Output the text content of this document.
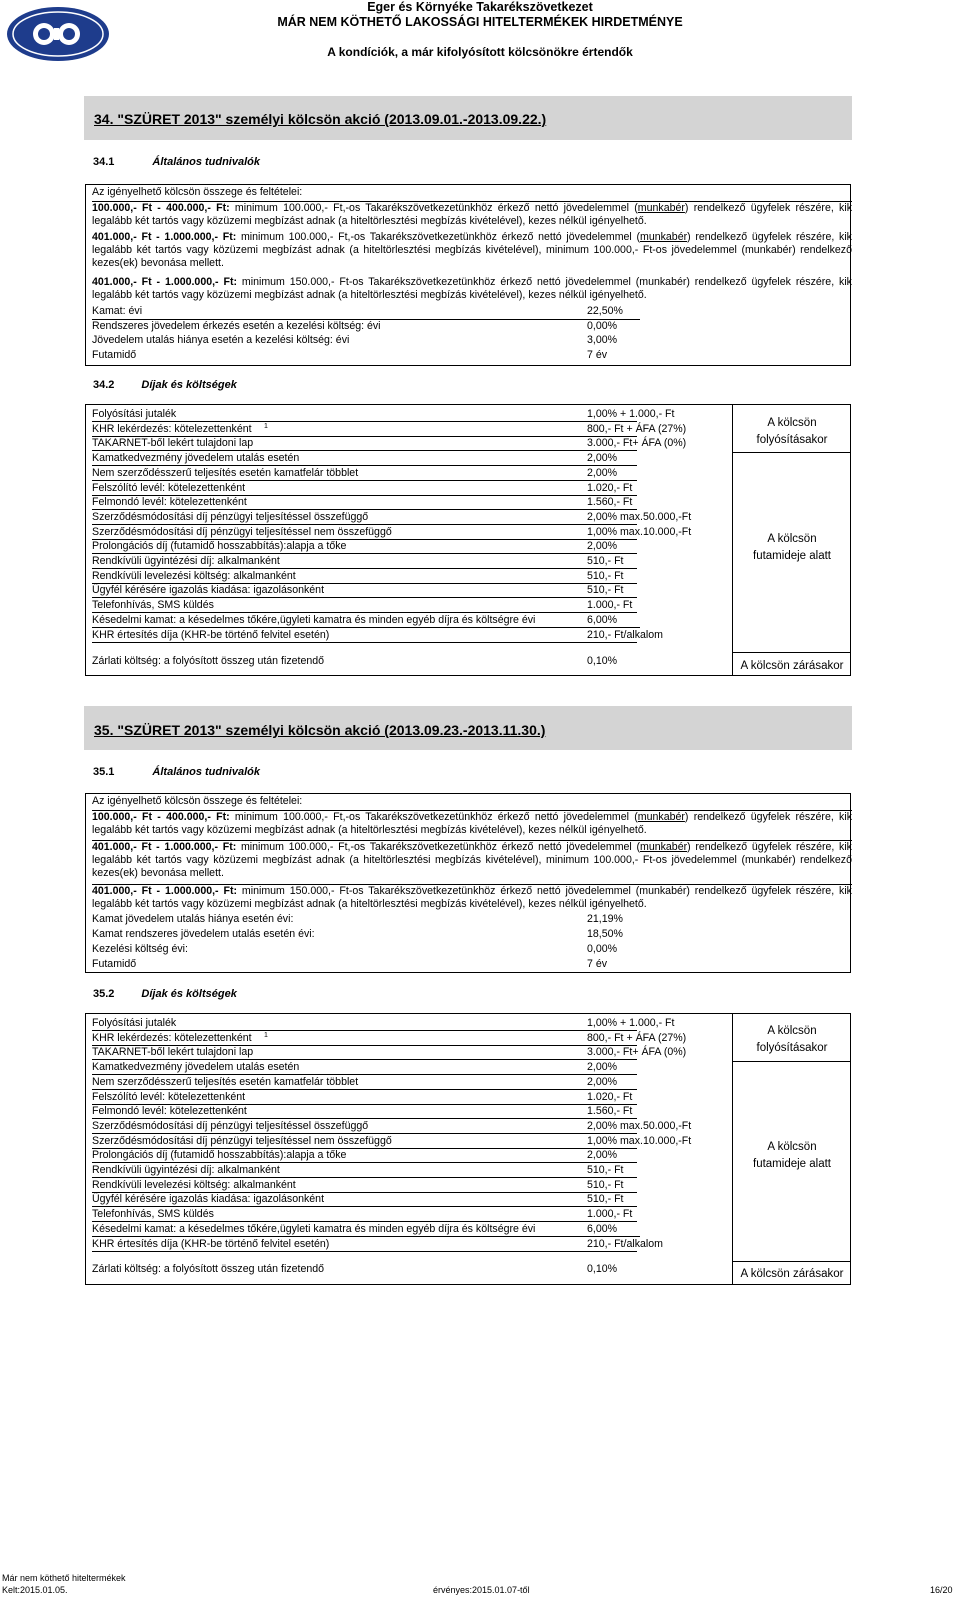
Eger és Környéke Takarékszövetkezet
MÁR NEM KÖTHETŐ LAKOSSÁGI HITELTERMÉKEK HIRDETMÉNYE
A kondíciók, a már kifolyósított kölcsönökre értendők
34. "SZÜRET 2013" személyi kölcsön akció (2013.09.01.-2013.09.22.)
34.1	Általános tudnivalók
Az igényelhető kölcsön összege és feltételei:
100.000,- Ft - 400.000,- Ft: minimum 100.000,- Ft,-os Takarékszövetkezetünkhöz érkező nettó jövedelemmel (munkabér) rendelkező ügyfelek részére, kik legalább két tartós vagy közüzemi megbízást adnak (a hiteltörlesztési megbízás kivételével), kezes nélkül igényelhető.
401.000,- Ft - 1.000.000,- Ft: minimum 100.000,- Ft,-os Takarékszövetkezetünkhöz érkező nettó jövedelemmel (munkabér) rendelkező ügyfelek részére, kik legalább két tartós vagy közüzemi megbízást adnak (a hiteltörlesztési megbízás kivételével), minimum 100.000,- Ft-os jövedelemmel (munkabér) rendelkező kezes(ek) bevonása mellett.
401.000,- Ft - 1.000.000,- Ft: minimum 150.000,- Ft-os Takarékszövetkezetünkhöz érkező nettó jövedelemmel (munkabér) rendelkező ügyfelek részére, kik legalább két tartós vagy közüzemi megbízást adnak (a hiteltörlesztési megbízás kivételével), kezes nélkül igényelhető.
Kamat: évi	22,50%
Rendszeres jövedelem érkezés esetén a kezelési költség: évi	0,00%
Jövedelem utalás hiánya esetén a kezelési költség: évi	3,00%
Futamidő	7 év
34.2 Díjak és költségek
Folyósítási jutalék	1,00% + 1.000,- Ft
KHR lekérdezés: kötelezettenként 1	800,- Ft + ÁFA (27%)
TAKARNET-ből lekért tulajdoni lap	3.000,- Ft+ ÁFA (0%)
Kamatkedvezmény jövedelem utalás esetén	2,00%
Nem szerződésszerű teljesítés esetén kamatfelár többlet	2,00%
Felszólító levél: kötelezettenként	1.020,- Ft
Felmondó levél: kötelezettenként	1.560,- Ft
Szerződésmódosítási díj pénzügyi teljesítéssel összefüggő	2,00% max.50.000,-Ft
Szerződésmódosítási díj pénzügyi teljesítéssel nem összefüggő	1,00% max.10.000,-Ft
Prolongációs díj (futamidő hosszabbítás):alapja a tőke	2,00%
Rendkívüli ügyintézési díj: alkalmanként	510,- Ft
Rendkívüli levelezési költség: alkalmanként	510,- Ft
Ügyfél kérésére igazolás kiadása: igazolásonként	510,- Ft
Telefonhívás, SMS küldés	1.000,- Ft
Késedelmi kamat: a késedelmes tőkére,ügyleti kamatra és minden egyéb díjra és költségre évi	6,00%
KHR értesítés díja (KHR-be történő felvitel esetén)	210,- Ft/alkalom
A kölcsön
folyósításakor
A kölcsön
futamideje alatt
Zárlati költség: a folyósított összeg után fizetendő	0,10%	A kölcsön zárásakor
35. "SZÜRET 2013" személyi kölcsön akció (2013.09.23.-2013.11.30.)
35.1	Általános tudnivalók
Az igényelhető kölcsön összege és feltételei:
100.000,- Ft - 400.000,- Ft: minimum 100.000,- Ft,-os Takarékszövetkezetünkhöz érkező nettó jövedelemmel (munkabér) rendelkező ügyfelek részére, kik legalább két tartós vagy közüzemi megbízást adnak (a hiteltörlesztési megbízás kivételével), kezes nélkül igényelhető.
401.000,- Ft - 1.000.000,- Ft: minimum 100.000,- Ft,-os Takarékszövetkezetünkhöz érkező nettó jövedelemmel (munkabér) rendelkező ügyfelek részére, kik legalább két tartós vagy közüzemi megbízást adnak (a hiteltörlesztési megbízás kivételével), minimum 100.000,- Ft-os jövedelemmel (munkabér) rendelkező kezes(ek) bevonása mellett.
401.000,- Ft - 1.000.000,- Ft: minimum 150.000,- Ft-os Takarékszövetkezetünkhöz érkező nettó jövedelemmel (munkabér) rendelkező ügyfelek részére, kik legalább két tartós vagy közüzemi megbízást adnak (a hiteltörlesztési megbízás kivételével), kezes nélkül igényelhető.
Kamat jövedelem utalás hiánya esetén évi:	21,19%
Kamat rendszeres jövedelem utalás esetén évi:	18,50%
Kezelési költség évi:	0,00%
Futamidő	7 év
35.2 Díjak és költségek
Folyósítási jutalék	1,00% + 1.000,- Ft
KHR lekérdezés: kötelezettenként 1	800,- Ft + ÁFA (27%)
TAKARNET-ből lekért tulajdoni lap	3.000,- Ft+ ÁFA (0%)
Kamatkedvezmény jövedelem utalás esetén	2,00%
Nem szerződésszerű teljesítés esetén kamatfelár többlet	2,00%
Felszólító levél: kötelezettenként	1.020,- Ft
Felmondó levél: kötelezettenként	1.560,- Ft
Szerződésmódosítási díj pénzügyi teljesítéssel összefüggő	2,00% max.50.000,-Ft
Szerződésmódosítási díj pénzügyi teljesítéssel nem összefüggő	1,00% max.10.000,-Ft
Prolongációs díj (futamidő hosszabbítás):alapja a tőke	2,00%
Rendkívüli ügyintézési díj: alkalmanként	510,- Ft
Rendkívüli levelezési költség: alkalmanként	510,- Ft
Ügyfél kérésére igazolás kiadása: igazolásonként	510,- Ft
Telefonhívás, SMS küldés	1.000,- Ft
Késedelmi kamat: a késedelmes tőkére,ügyleti kamatra és minden egyéb díjra és költségre évi	6,00%
KHR értesítés díja (KHR-be történő felvitel esetén)	210,- Ft/alkalom
A kölcsön
folyósításakor
A kölcsön
futamideje alatt
Zárlati költség: a folyósított összeg után fizetendő	0,10%	A kölcsön zárásakor
Már nem köthető hiteltermékek
Kelt:2015.01.05.	érvényes:2015.01.07-től	16/20
